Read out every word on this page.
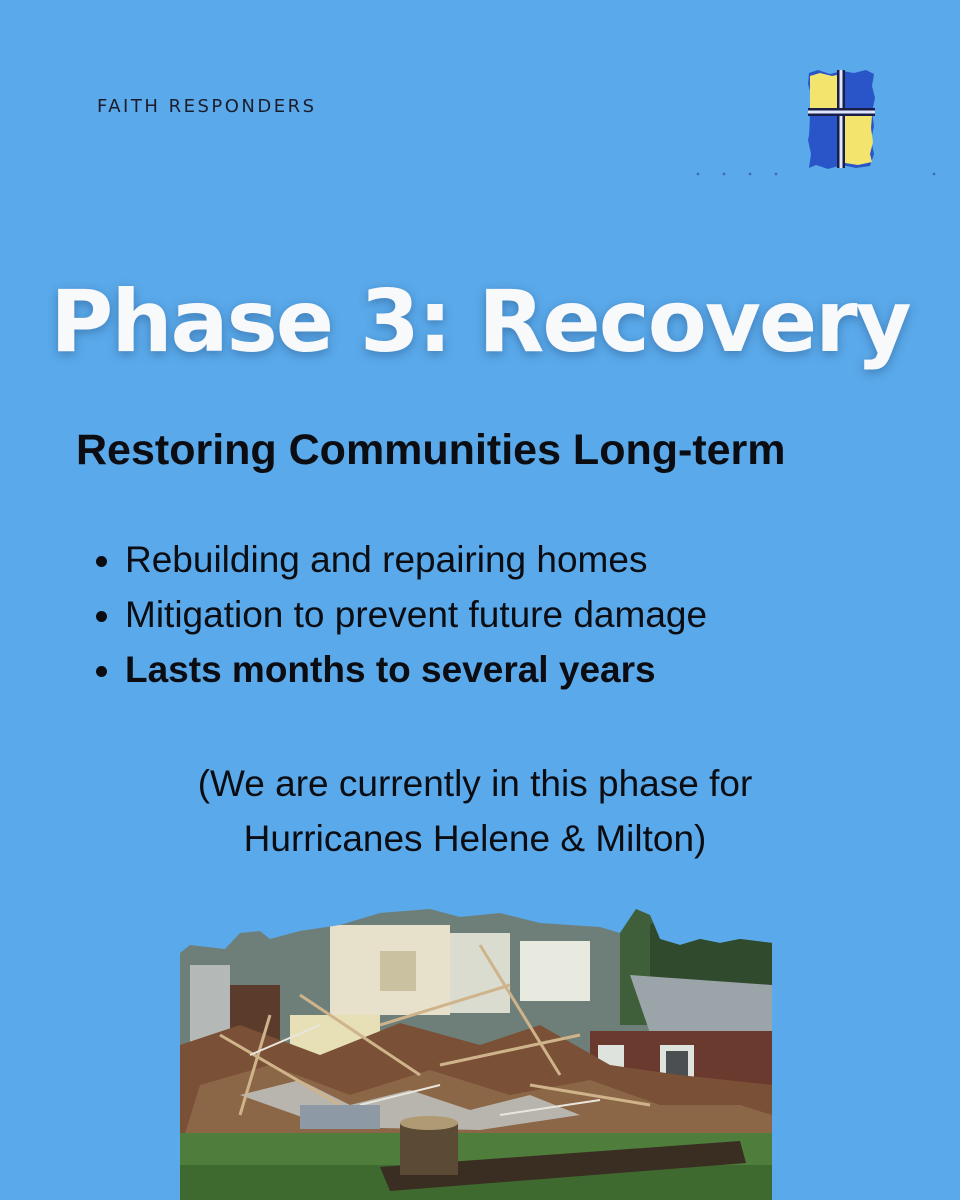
FAITH RESPONDERS
Phase 3: Recovery
Restoring Communities Long-term
Rebuilding and repairing homes
Mitigation to prevent future damage
Lasts months to several years
(We are currently in this phase for
Hurricanes Helene & Milton)
